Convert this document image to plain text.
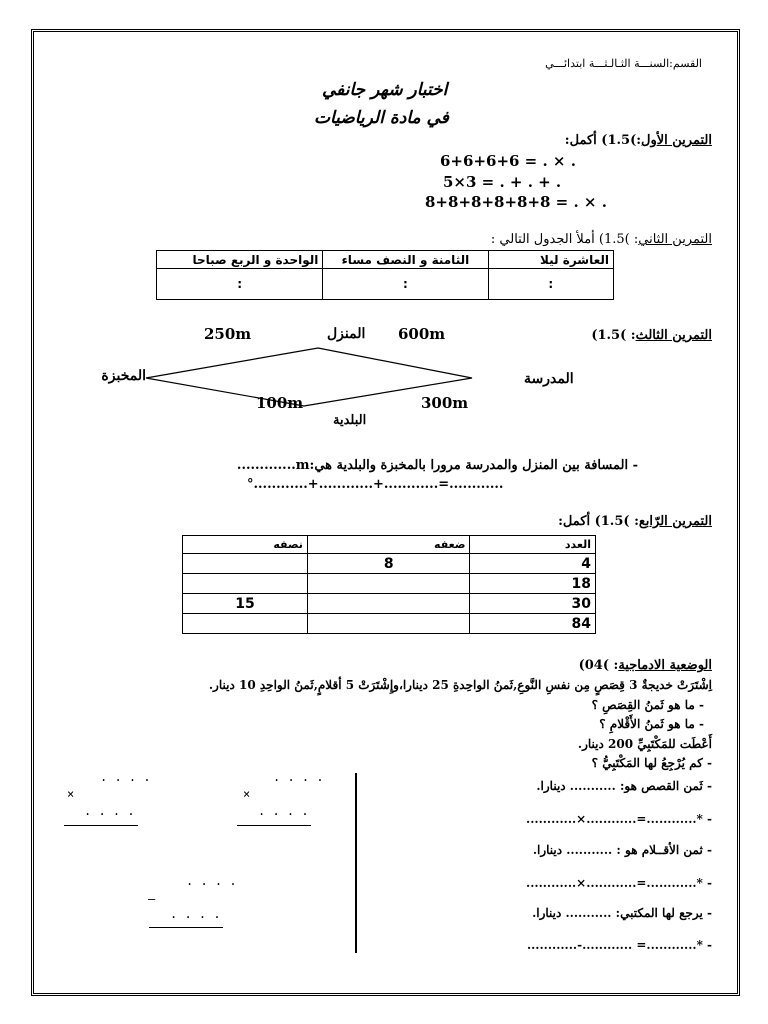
القسم:السنـــة الثـالـثـــة ابتدائـــي
اختبار شهر جانفي
في مادة الرياضيات
التمرين الأول:)1.5) أكمل:
6+6+6+6 = . × .
5×3 = . + . + .
8+8+8+8+8+8 = . × .
التمرين الثاني: )1.5) أملأ الجدول التالي :
العاشرة ليلا	الثامنة و النصف مساء	الواحدة و الربع صباحا
:	:	:
التمرين الثالث: )1.5)
250m	المنزل 600m
المدرسة
المخبزة
100m	300m
البلدية
- المسافة بين المنزل والمدرسة مرورا بالمخبزة والبلدية هي:m.............
°............+............+............=............
التمرين الرّابع: )1.5) أكمل:
العدد	ضعفه	نصفه
4	8	
18		
30		15
84		
الوضعية الادماجية: )04)
اِشْتَرَتْ خديجةٌ 3 قِصَصٍ مِن نفسِ النَّوعِ,ثَمنُ الواحِدةِ 25 دينارا،وإِشْتَرَتْ 5 أقلامٍ,ثَمنُ الواحِدِ 10 دينار.
- ما هو ثَمنُ القِصَصِ ؟
- ما هو ثَمنُ الأَقْلامِ ؟
أَعْطَت للمَكْتَبِيِّ 200 دينار.
- كم يُرْجِعُ لها المَكْتَبِيُّ ؟
- ثَمن القصص هو: ........... دينارا.
- *............=............×............
- ثمن الأقــلام هو : ........... دينارا.
- *............=............×............
- يرجع لها المكتبي: ........... دينارا.
- *............= ............-............
. . . .
×
. . . .
. . . .
×
. . . .
. . . .
–
. . . .
